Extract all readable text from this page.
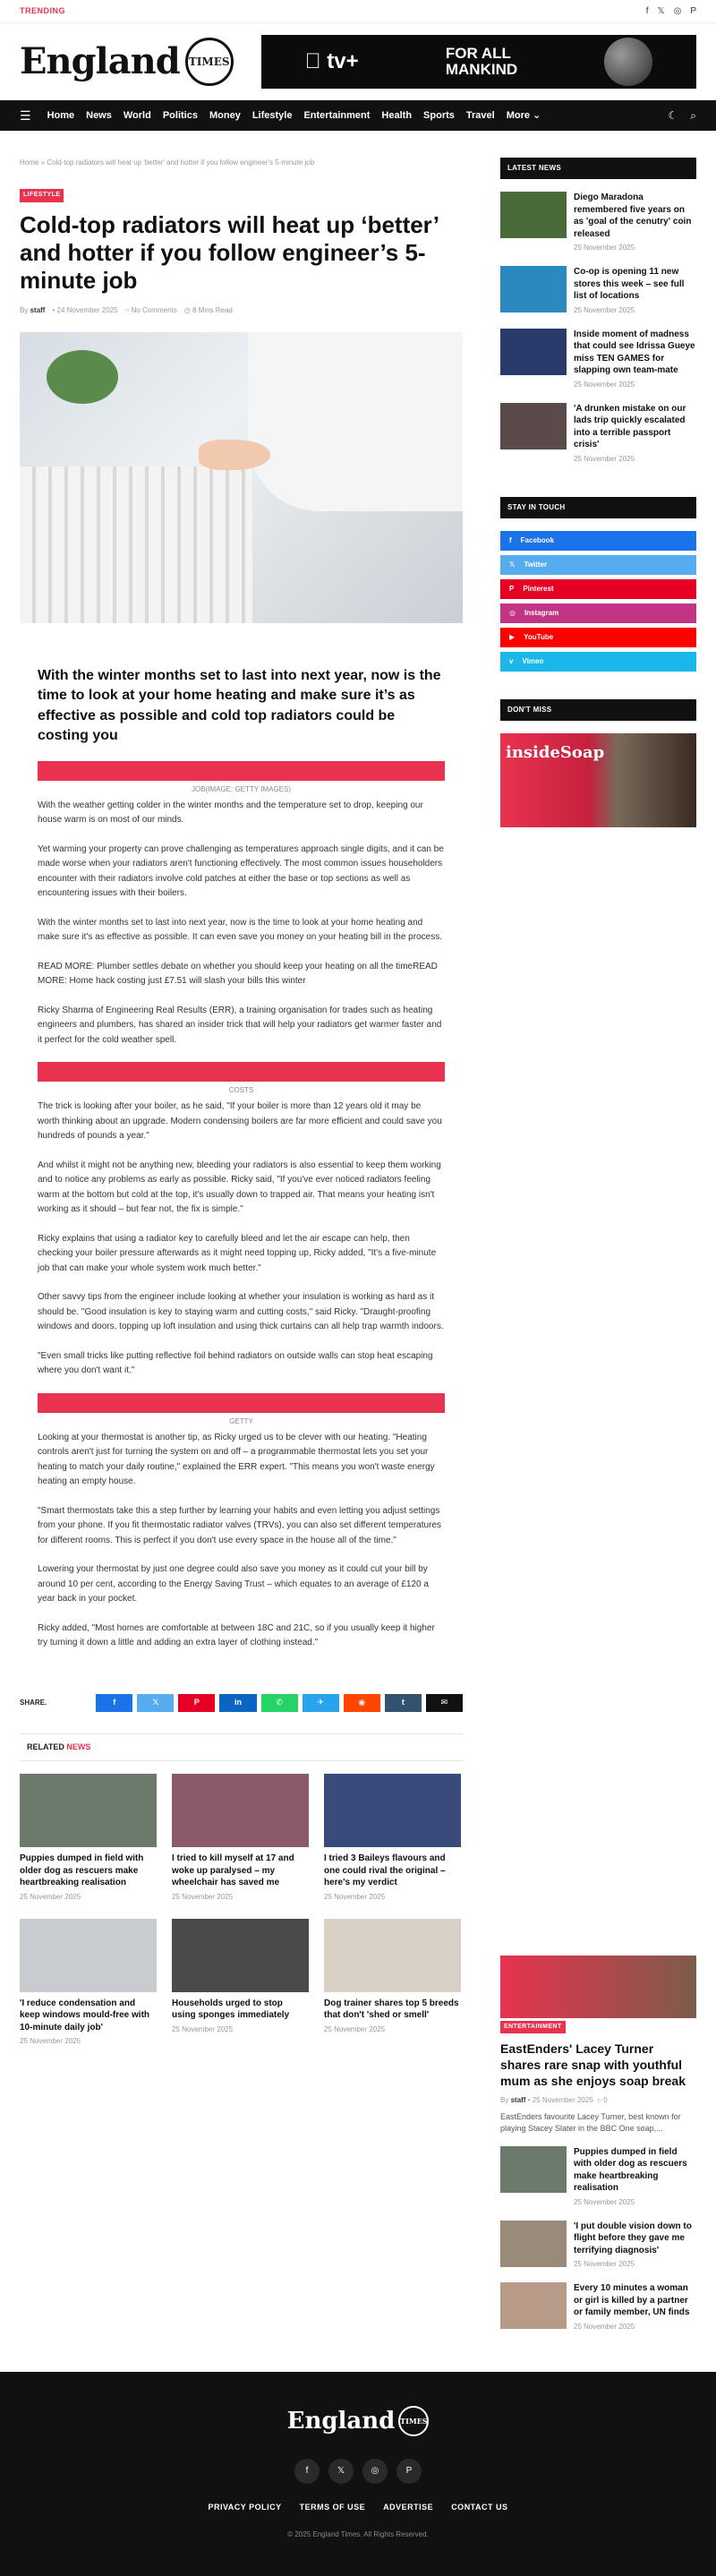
TRENDING	f 𝕏 ◎ P
England TIMES	tv+	FOR ALL
MANKIND
☰ Home News World Politics Money Lifestyle Entertainment Health Sports Travel More ⌄	☾ ⌕
Home » Cold-top radiators will heat up 'better' and hotter if you follow engineer's 5-minute job
LIFESTYLE
Cold-top radiators will heat up ‘better’ and hotter if you follow engineer’s 5-minute job
By staff • 24 November 2025 ○ No Comments ◷ 8 Mins Read
With the winter months set to last into next year, now is the time to look at your home heating and make sure it’s as effective as possible and cold top radiators could be costing you
JOB(IMAGE: GETTY IMAGES)

With the weather getting colder in the winter months and the temperature set to drop, keeping our house warm is on most of our minds.

Yet warming your property can prove challenging as temperatures approach single digits, and it can be made worse when your radiators aren't functioning effectively. The most common issues householders encounter with their radiators involve cold patches at either the base or top sections as well as encountering issues with their boilers.

With the winter months set to last into next year, now is the time to look at your home heating and make sure it's as effective as possible. It can even save you money on your heating bill in the process.

READ MORE: Plumber settles debate on whether you should keep your heating on all the timeREAD MORE: Home hack costing just £7.51 will slash your bills this winter

Ricky Sharma of Engineering Real Results (ERR), a training organisation for trades such as heating engineers and plumbers, has shared an insider trick that will help your radiators get warmer faster and it perfect for the cold weather spell.

COSTS

The trick is looking after your boiler, as he said, "If your boiler is more than 12 years old it may be worth thinking about an upgrade. Modern condensing boilers are far more efficient and could save you hundreds of pounds a year."

And whilst it might not be anything new, bleeding your radiators is also essential to keep them working and to notice any problems as early as possible. Ricky said, "If you've ever noticed radiators feeling warm at the bottom but cold at the top, it's usually down to trapped air. That means your heating isn't working as it should – but fear not, the fix is simple."

Ricky explains that using a radiator key to carefully bleed and let the air escape can help, then checking your boiler pressure afterwards as it might need topping up, Ricky added, "It's a five-minute job that can make your whole system work much better."

Other savvy tips from the engineer include looking at whether your insulation is working as hard as it should be. "Good insulation is key to staying warm and cutting costs," said Ricky. "Draught-proofing windows and doors, topping up loft insulation and using thick curtains can all help trap warmth indoors.

"Even small tricks like putting reflective foil behind radiators on outside walls can stop heat escaping where you don't want it."

GETTY

Looking at your thermostat is another tip, as Ricky urged us to be clever with our heating. "Heating controls aren't just for turning the system on and off – a programmable thermostat lets you set your heating to match your daily routine," explained the ERR expert. "This means you won't waste energy heating an empty house.

"Smart thermostats take this a step further by learning your habits and even letting you adjust settings from your phone. If you fit thermostatic radiator valves (TRVs), you can also set different temperatures for different rooms. This is perfect if you don't use every space in the house all of the time."

Lowering your thermostat by just one degree could also save you money as it could cut your bill by around 10 per cent, according to the Energy Saving Trust – which equates to an average of £120 a year back in your pocket.

Ricky added, "Most homes are comfortable at between 18C and 21C, so if you usually keep it higher try turning it down a little and adding an extra layer of clothing instead."

SHARE.	f	𝕏	P	in	✆	✈	◉	t	✉
RELATED NEWS
Puppies dumped in field with older dog as rescuers make heartbreaking realisation
25 November 2025
I tried to kill myself at 17 and woke up paralysed – my wheelchair has saved me
25 November 2025
I tried 3 Baileys flavours and one could rival the original – here's my verdict
25 November 2025
'I reduce condensation and keep windows mould-free with 10-minute daily job'
25 November 2025
Households urged to stop using sponges immediately
25 November 2025
Dog trainer shares top 5 breeds that don't 'shed or smell'
25 November 2025
LATEST NEWS
Diego Maradona remembered five years on as 'goal of the cenutry' coin released
25 November 2025
Co-op is opening 11 new stores this week – see full list of locations
25 November 2025
Inside moment of madness that could see Idrissa Gueye miss TEN GAMES for slapping own team-mate
25 November 2025
'A drunken mistake on our lads trip quickly escalated into a terrible passport crisis'
25 November 2025
STAY IN TOUCH
f Facebook
𝕏 Twitter
P Pinterest
◎ Instagram
▶ YouTube
v Vimeo
DON'T MISS
insideSoap
ENTERTAINMENT
EastEnders' Lacey Turner shares rare snap with youthful mum as she enjoys soap break
By staff • 25 November 2025 ○ 0
EastEnders favourite Lacey Turner, best known for playing Stacey Slater in the BBC One soap,...
Puppies dumped in field with older dog as rescuers make heartbreaking realisation
25 November 2025
'I put double vision down to flight before they gave me terrifying diagnosis'
25 November 2025
Every 10 minutes a woman or girl is killed by a partner or family member, UN finds
25 November 2025
England TIMES
f	𝕏	◎	P
PRIVACY POLICY TERMS OF USE ADVERTISE CONTACT US
© 2025 England Times. All Rights Reserved.
